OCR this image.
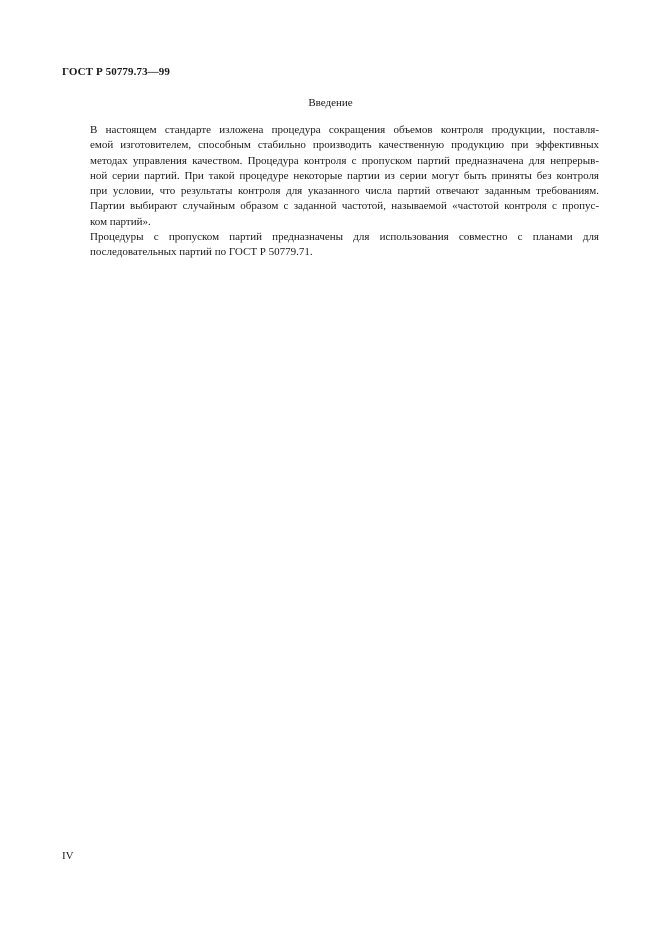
ГОСТ Р 50779.73—99
Введение

В настоящем стандарте изложена процедура сокращения объемов контроля продукции, поставля-
емой изготовителем, способным стабильно производить качественную продукцию при эффективных
методах управления качеством. Процедура контроля с пропуском партий предназначена для непрерыв-
ной серии партий. При такой процедуре некоторые партии из серии могут быть приняты без контроля
при условии, что результаты контроля для указанного числа партий отвечают заданным требованиям.
Партии выбирают случайным образом с заданной частотой, называемой «частотой контроля с пропус-
ком партий».

Процедуры с пропуском партий предназначены для использования совместно с планами для
последовательных партий по ГОСТ Р 50779.71.

IV
